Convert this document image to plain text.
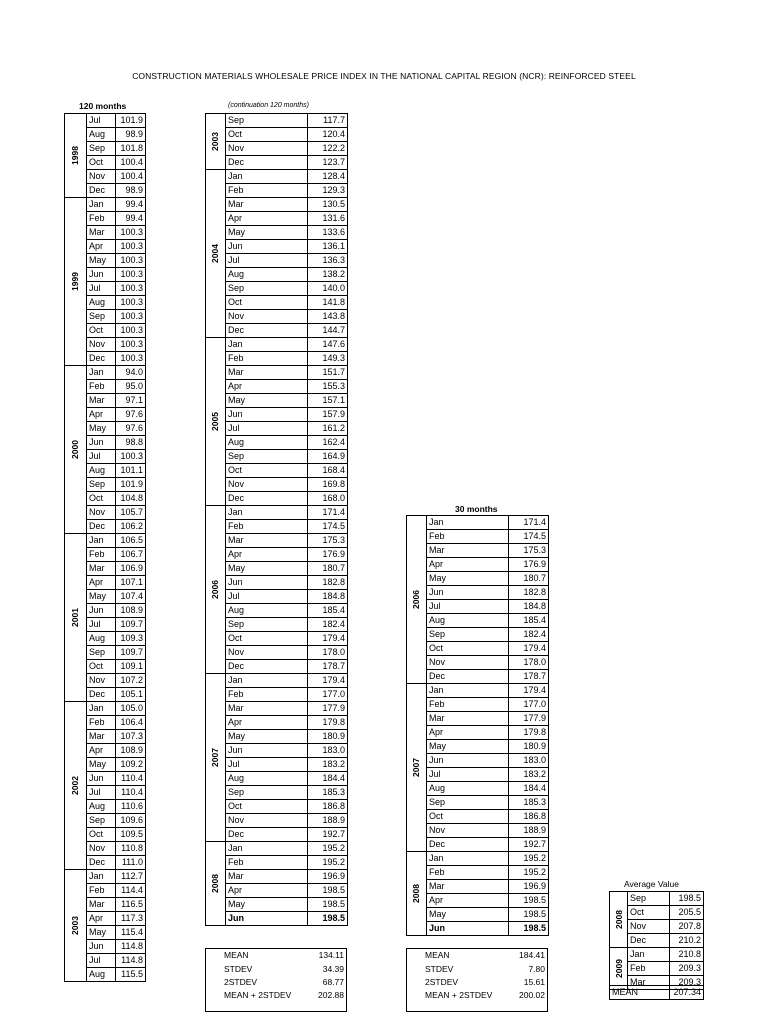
CONSTRUCTION MATERIALS WHOLESALE PRICE INDEX IN THE NATIONAL CAPITAL REGION (NCR): REINFORCED STEEL
120 months	(continuation 120 months)
30 months
Average Value
1998	Jul	101.9
	Aug	98.9
	Sep	101.8
	Oct	100.4
	Nov	100.4
	Dec	98.9
1999	Jan	99.4
	Feb	99.4
	Mar	100.3
	Apr	100.3
	May	100.3
	Jun	100.3
	Jul	100.3
	Aug	100.3
	Sep	100.3
	Oct	100.3
	Nov	100.3
	Dec	100.3
2000	Jan	94.0
	Feb	95.0
	Mar	97.1
	Apr	97.6
	May	97.6
	Jun	98.8
	Jul	100.3
	Aug	101.1
	Sep	101.9
	Oct	104.8
	Nov	105.7
	Dec	106.2
2001	Jan	106.5
	Feb	106.7
	Mar	106.9
	Apr	107.1
	May	107.4
	Jun	108.9
	Jul	109.7
	Aug	109.3
	Sep	109.7
	Oct	109.1
	Nov	107.2
	Dec	105.1
2002	Jan	105.0
	Feb	106.4
	Mar	107.3
	Apr	108.9
	May	109.2
	Jun	110.4
	Jul	110.4
	Aug	110.6
	Sep	109.6
	Oct	109.5
	Nov	110.8
	Dec	111.0
2003	Jan	112.7
	Feb	114.4
	Mar	116.5
	Apr	117.3
	May	115.4
	Jun	114.8
	Jul	114.8
	Aug	115.5
2003	Sep	117.7
	Oct	120.4
	Nov	122.2
	Dec	123.7
2004	Jan	128.4
	Feb	129.3
	Mar	130.5
	Apr	131.6
	May	133.6
	Jun	136.1
	Jul	136.3
	Aug	138.2
	Sep	140.0
	Oct	141.8
	Nov	143.8
	Dec	144.7
2005	Jan	147.6
	Feb	149.3
	Mar	151.7
	Apr	155.3
	May	157.1
	Jun	157.9
	Jul	161.2
	Aug	162.4
	Sep	164.9
	Oct	168.4
	Nov	169.8
	Dec	168.0
2006	Jan	171.4
	Feb	174.5
	Mar	175.3
	Apr	176.9
	May	180.7
	Jun	182.8
	Jul	184.8
	Aug	185.4
	Sep	182.4
	Oct	179.4
	Nov	178.0
	Dec	178.7
2007	Jan	179.4
	Feb	177.0
	Mar	177.9
	Apr	179.8
	May	180.9
	Jun	183.0
	Jul	183.2
	Aug	184.4
	Sep	185.3
	Oct	186.8
	Nov	188.9
	Dec	192.7
2008	Jan	195.2
	Feb	195.2
	Mar	196.9
	Apr	198.5
	May	198.5
	Jun	198.5
MEAN	134.11
STDEV	34.39
2STDEV	68.77
MEAN + 2STDEV	202.88
2006	Jan	171.4
	Feb	174.5
	Mar	175.3
	Apr	176.9
	May	180.7
	Jun	182.8
	Jul	184.8
	Aug	185.4
	Sep	182.4
	Oct	179.4
	Nov	178.0
	Dec	178.7
2007	Jan	179.4
	Feb	177.0
	Mar	177.9
	Apr	179.8
	May	180.9
	Jun	183.0
	Jul	183.2
	Aug	184.4
	Sep	185.3
	Oct	186.8
	Nov	188.9
	Dec	192.7
2008	Jan	195.2
	Feb	195.2
	Mar	196.9
	Apr	198.5
	May	198.5
	Jun	198.5
MEAN	184.41
STDEV	7.80
2STDEV	15.61
MEAN + 2STDEV	200.02
2008	Sep	198.5
	Oct	205.5
	Nov	207.8
	Dec	210.2
2009	Jan	210.8
	Feb	209.3
	Mar	209.3
MEAN	207.34
